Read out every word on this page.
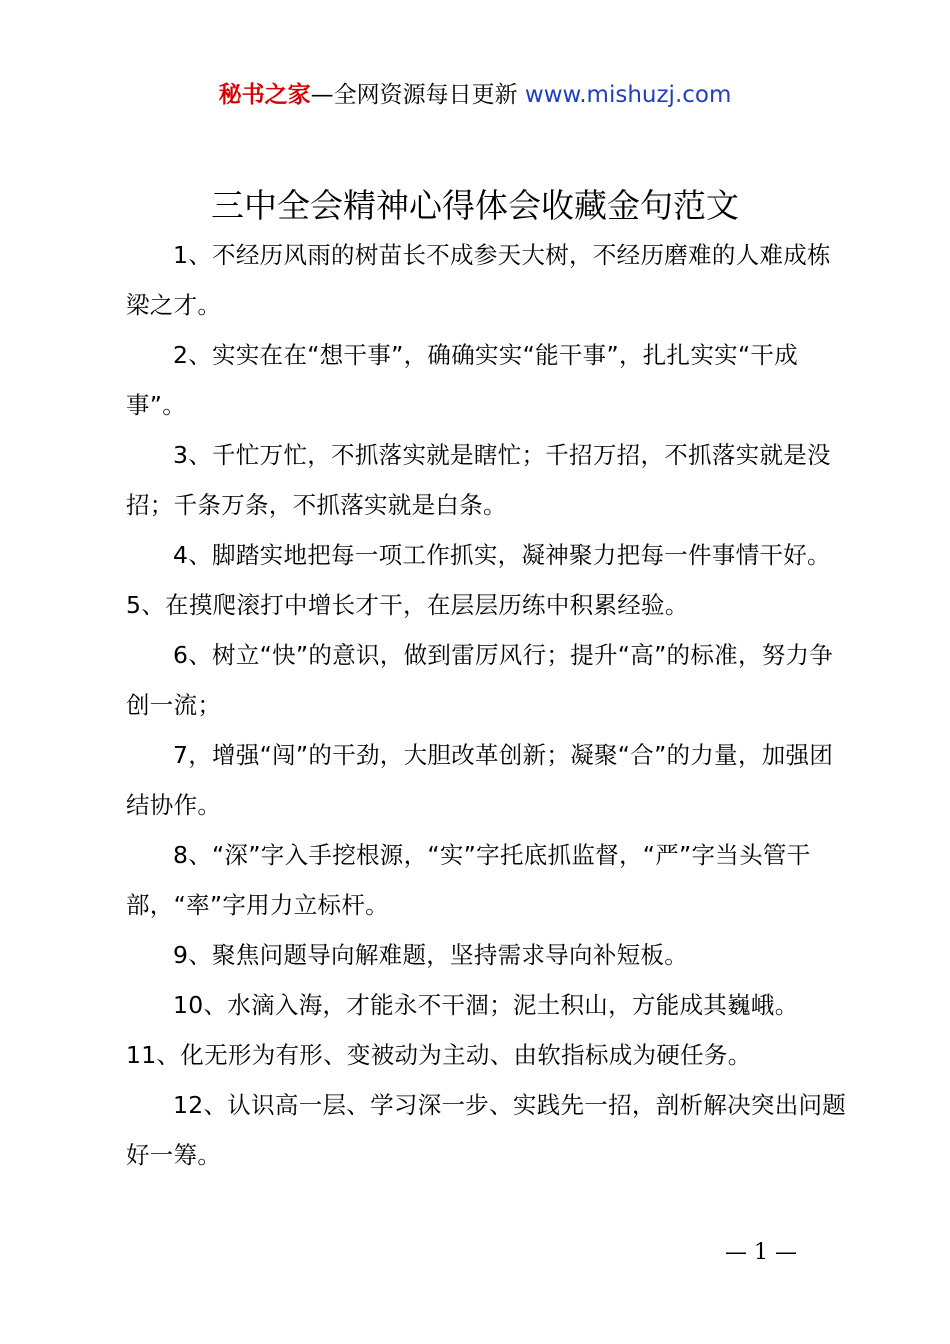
秘书之家—全网资源每日更新 www.mishuzj.com
三中全会精神心得体会收藏金句范文

1、不经历风雨的树苗长不成参天大树，不经历磨难的人难成栋梁之才。

2、实实在在“想干事”，确确实实“能干事”，扎扎实实“干成事”。

3、千忙万忙，不抓落实就是瞎忙；千招万招，不抓落实就是没招；千条万条，不抓落实就是白条。

4、脚踏实地把每一项工作抓实，凝神聚力把每一件事情干好。5、在摸爬滚打中增长才干，在层层历练中积累经验。

6、树立“快”的意识，做到雷厉风行；提升“高”的标准，努力争创一流；

7，增强“闯”的干劲，大胆改革创新；凝聚“合”的力量，加强团结协作。

8、“深”字入手挖根源，“实”字托底抓监督，“严”字当头管干部，“率”字用力立标杆。

9、聚焦问题导向解难题，坚持需求导向补短板。

10、水滴入海，才能永不干涸；泥土积山，方能成其巍峨。

11、化无形为有形、变被动为主动、由软指标成为硬任务。

12、认识高一层、学习深一步、实践先一招，剖析解决突出问题好一筹。

— 1 —
